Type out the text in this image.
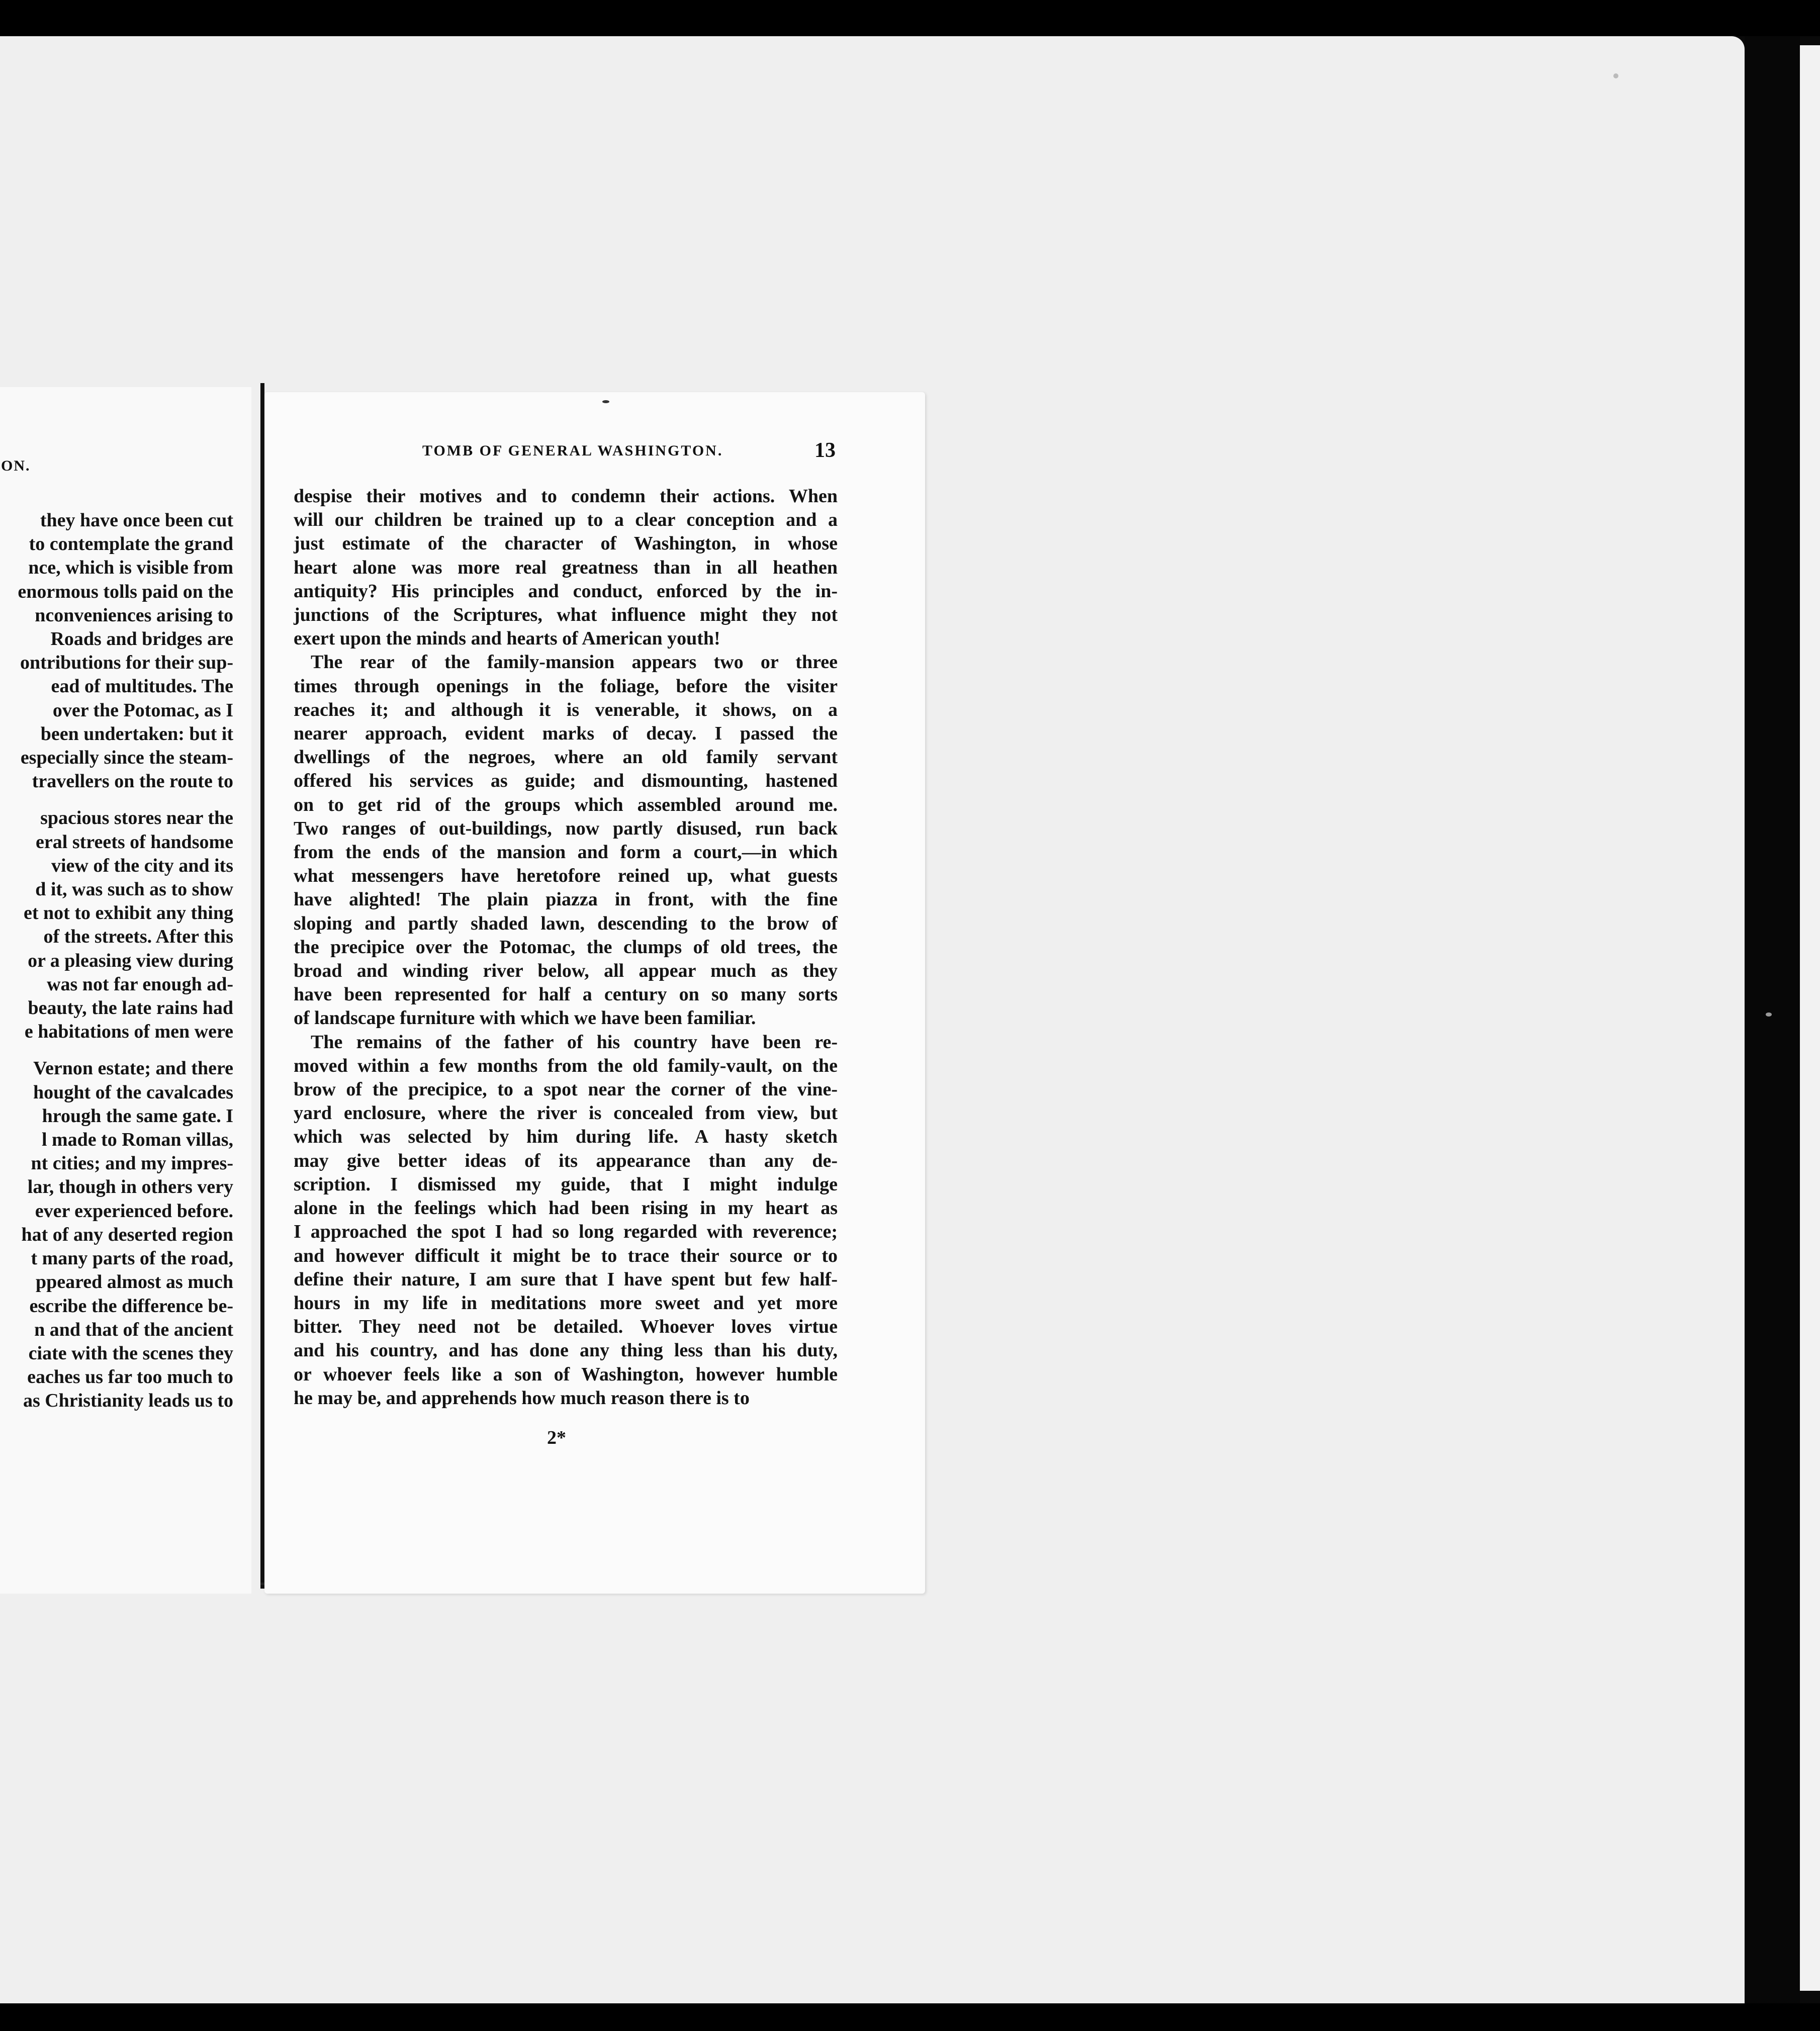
ON.
they have once been cut
to contemplate the grand
nce, which is visible from
enormous tolls paid on the
nconveniences arising to
Roads and bridges are
ontributions for their sup-
ead of multitudes. The
over the Potomac, as I
been undertaken: but it
especially since the steam-
travellers on the route to
spacious stores near the
eral streets of handsome
view of the city and its
d it, was such as to show
et not to exhibit any thing
of the streets. After this
or a pleasing view during
was not far enough ad-
beauty, the late rains had
e habitations of men were
Vernon estate; and there
hought of the cavalcades
hrough the same gate. I
l made to Roman villas,
nt cities; and my impres-
lar, though in others very
ever experienced before.
hat of any deserted region
t many parts of the road,
ppeared almost as much
escribe the difference be-
n and that of the ancient
ciate with the scenes they
eaches us far too much to
as Christianity leads us to
TOMB OF GENERAL WASHINGTON.	13
despise their motives and to condemn their actions. When
will our children be trained up to a clear conception and a
just estimate of the character of Washington, in whose
heart alone was more real greatness than in all heathen
antiquity? His principles and conduct, enforced by the in-
junctions of the Scriptures, what influence might they not
exert upon the minds and hearts of American youth!
The rear of the family-mansion appears two or three
times through openings in the foliage, before the visiter
reaches it; and although it is venerable, it shows, on a
nearer approach, evident marks of decay. I passed the
dwellings of the negroes, where an old family servant
offered his services as guide; and dismounting, hastened
on to get rid of the groups which assembled around me.
Two ranges of out-buildings, now partly disused, run back
from the ends of the mansion and form a court,—in which
what messengers have heretofore reined up, what guests
have alighted! The plain piazza in front, with the fine
sloping and partly shaded lawn, descending to the brow of
the precipice over the Potomac, the clumps of old trees, the
broad and winding river below, all appear much as they
have been represented for half a century on so many sorts
of landscape furniture with which we have been familiar.
The remains of the father of his country have been re-
moved within a few months from the old family-vault, on the
brow of the precipice, to a spot near the corner of the vine-
yard enclosure, where the river is concealed from view, but
which was selected by him during life. A hasty sketch
may give better ideas of its appearance than any de-
scription. I dismissed my guide, that I might indulge
alone in the feelings which had been rising in my heart as
I approached the spot I had so long regarded with reverence;
and however difficult it might be to trace their source or to
define their nature, I am sure that I have spent but few half-
hours in my life in meditations more sweet and yet more
bitter. They need not be detailed. Whoever loves virtue
and his country, and has done any thing less than his duty,
or whoever feels like a son of Washington, however humble
he may be, and apprehends how much reason there is to
2*
